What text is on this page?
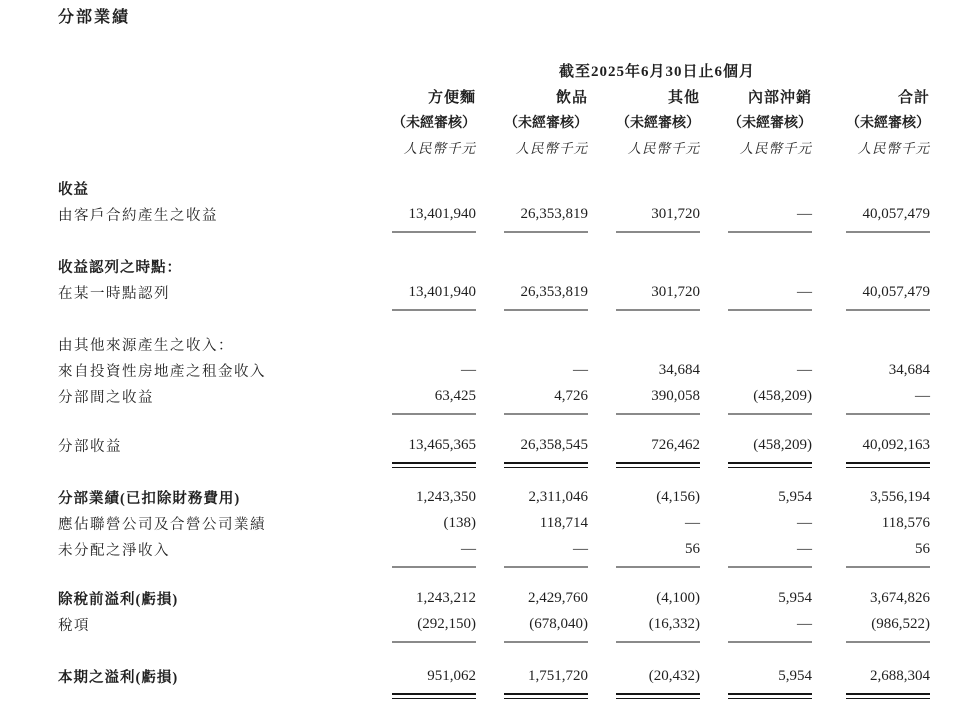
分部業績
	截至2025年6月30日止6個月				
	方便麵	飲品	其他	內部沖銷	合計
	（未經審核）	（未經審核）	（未經審核）	（未經審核）	（未經審核）
	人民幣千元	人民幣千元	人民幣千元	人民幣千元	人民幣千元

收益					
由客戶合約產生之收益	13,401,940	26,353,819	301,720	—	40,057,479

收益認列之時點：					
在某一時點認列	13,401,940	26,353,819	301,720	—	40,057,479

由其他來源產生之收入：					
來自投資性房地產之租金收入	—	—	34,684	—	34,684
分部間之收益	63,425	4,726	390,058	(458,209)	—

分部收益	13,465,365	26,358,545	726,462	(458,209)	40,092,163

分部業績(已扣除財務費用)	1,243,350	2,311,046	(4,156)	5,954	3,556,194
應佔聯營公司及合營公司業績	(138)	118,714	—	—	118,576
未分配之淨收入	—	—	56	—	56

除稅前溢利(虧損)	1,243,212	2,429,760	(4,100)	5,954	3,674,826
稅項	(292,150)	(678,040)	(16,332)	—	(986,522)

本期之溢利(虧損)	951,062	1,751,720	(20,432)	5,954	2,688,304
